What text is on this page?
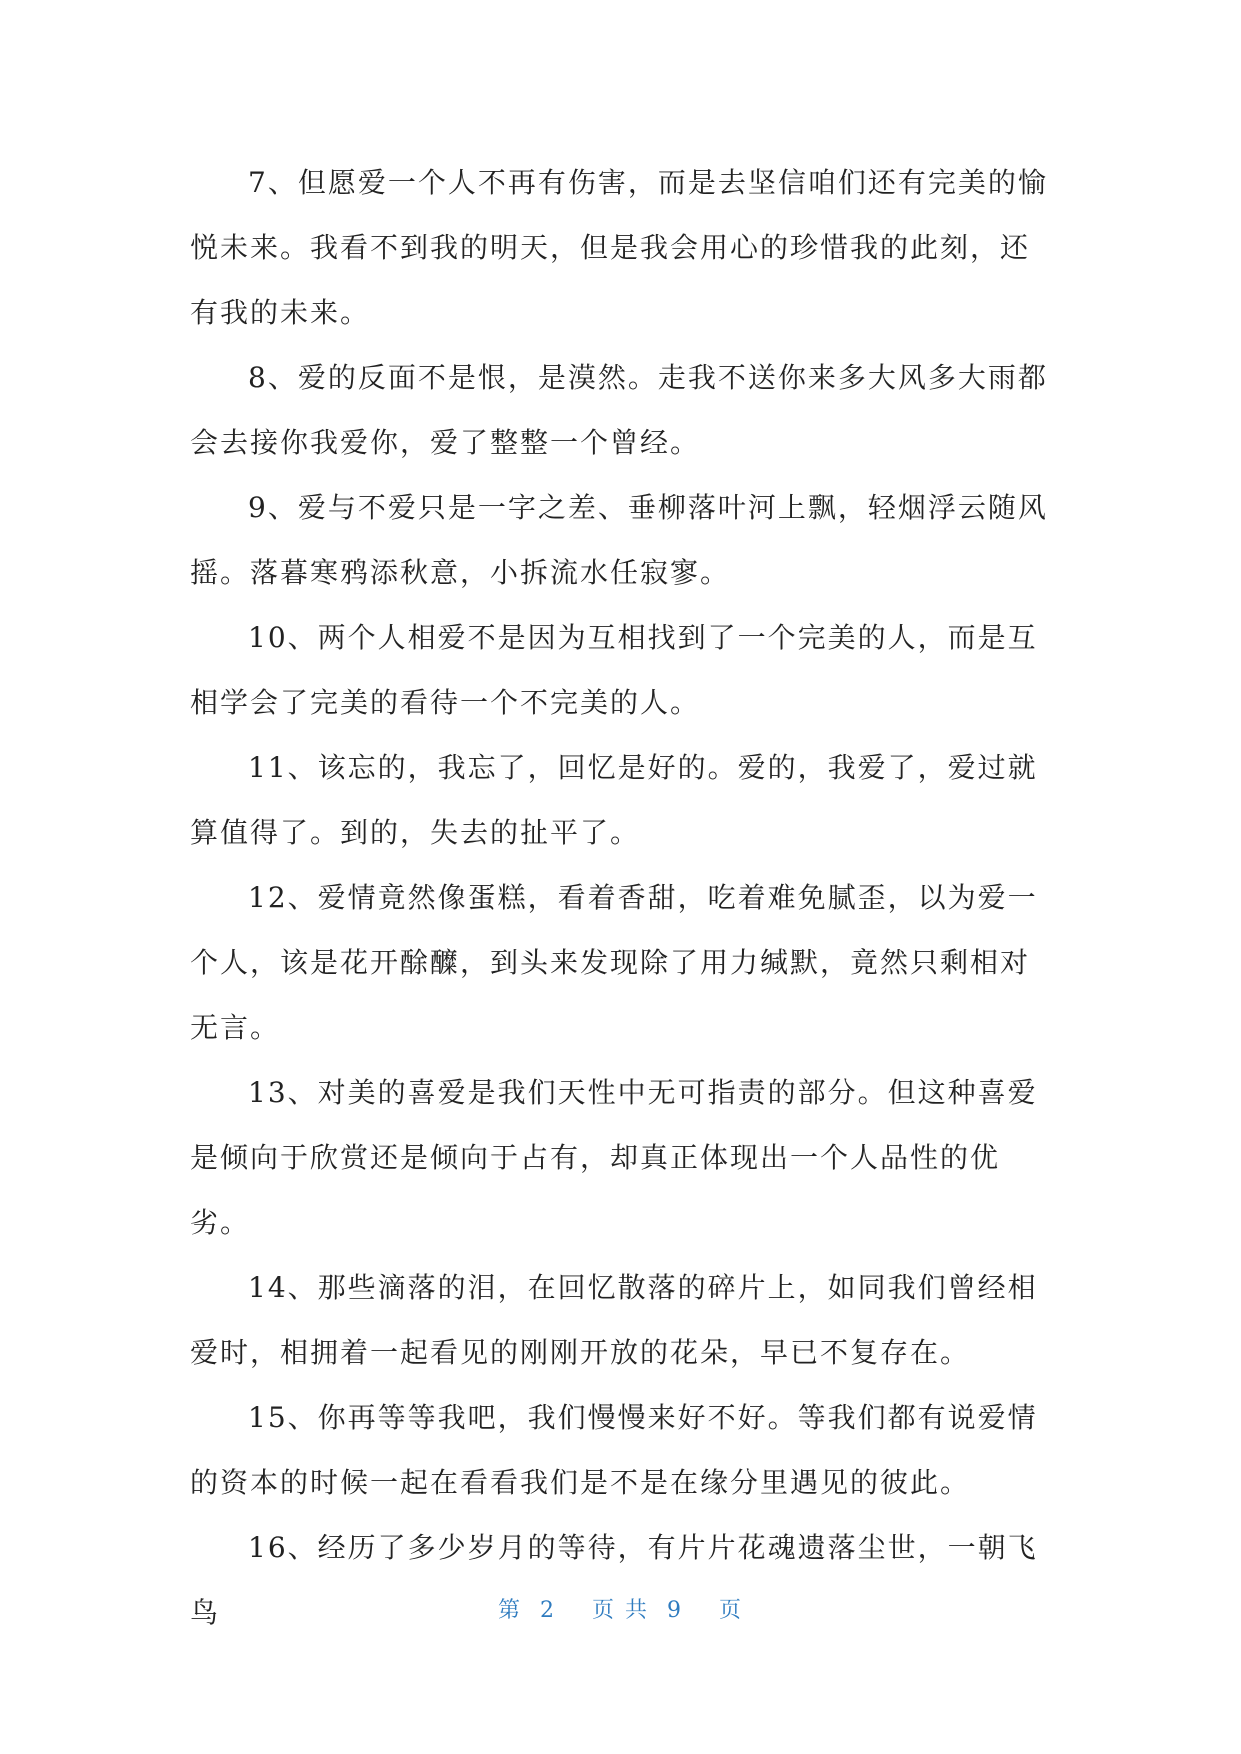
7、但愿爱一个人不再有伤害，而是去坚信咱们还有完美的愉悦未来。我看不到我的明天，但是我会用心的珍惜我的此刻，还有我的未来。

8、爱的反面不是恨，是漠然。走我不送你来多大风多大雨都会去接你我爱你，爱了整整一个曾经。

9、爱与不爱只是一字之差、垂柳落叶河上飘，轻烟浮云随风摇。落暮寒鸦添秋意，小拆流水任寂寥。

10、两个人相爱不是因为互相找到了一个完美的人，而是互相学会了完美的看待一个不完美的人。

11、该忘的，我忘了，回忆是好的。爱的，我爱了，爱过就算值得了。到的，失去的扯平了。

12、爱情竟然像蛋糕，看着香甜，吃着难免腻歪，以为爱一个人，该是花开酴醾，到头来发现除了用力缄默，竟然只剩相对无言。

13、对美的喜爱是我们天性中无可指责的部分。但这种喜爱是倾向于欣赏还是倾向于占有，却真正体现出一个人品性的优劣。

14、那些滴落的泪，在回忆散落的碎片上，如同我们曾经相爱时，相拥着一起看见的刚刚开放的花朵，早已不复存在。

15、你再等等我吧，我们慢慢来好不好。等我们都有说爱情的资本的时候一起在看看我们是不是在缘分里遇见的彼此。

16、经历了多少岁月的等待，有片片花魂遗落尘世，一朝飞鸟	第 2 页 共 9 页
